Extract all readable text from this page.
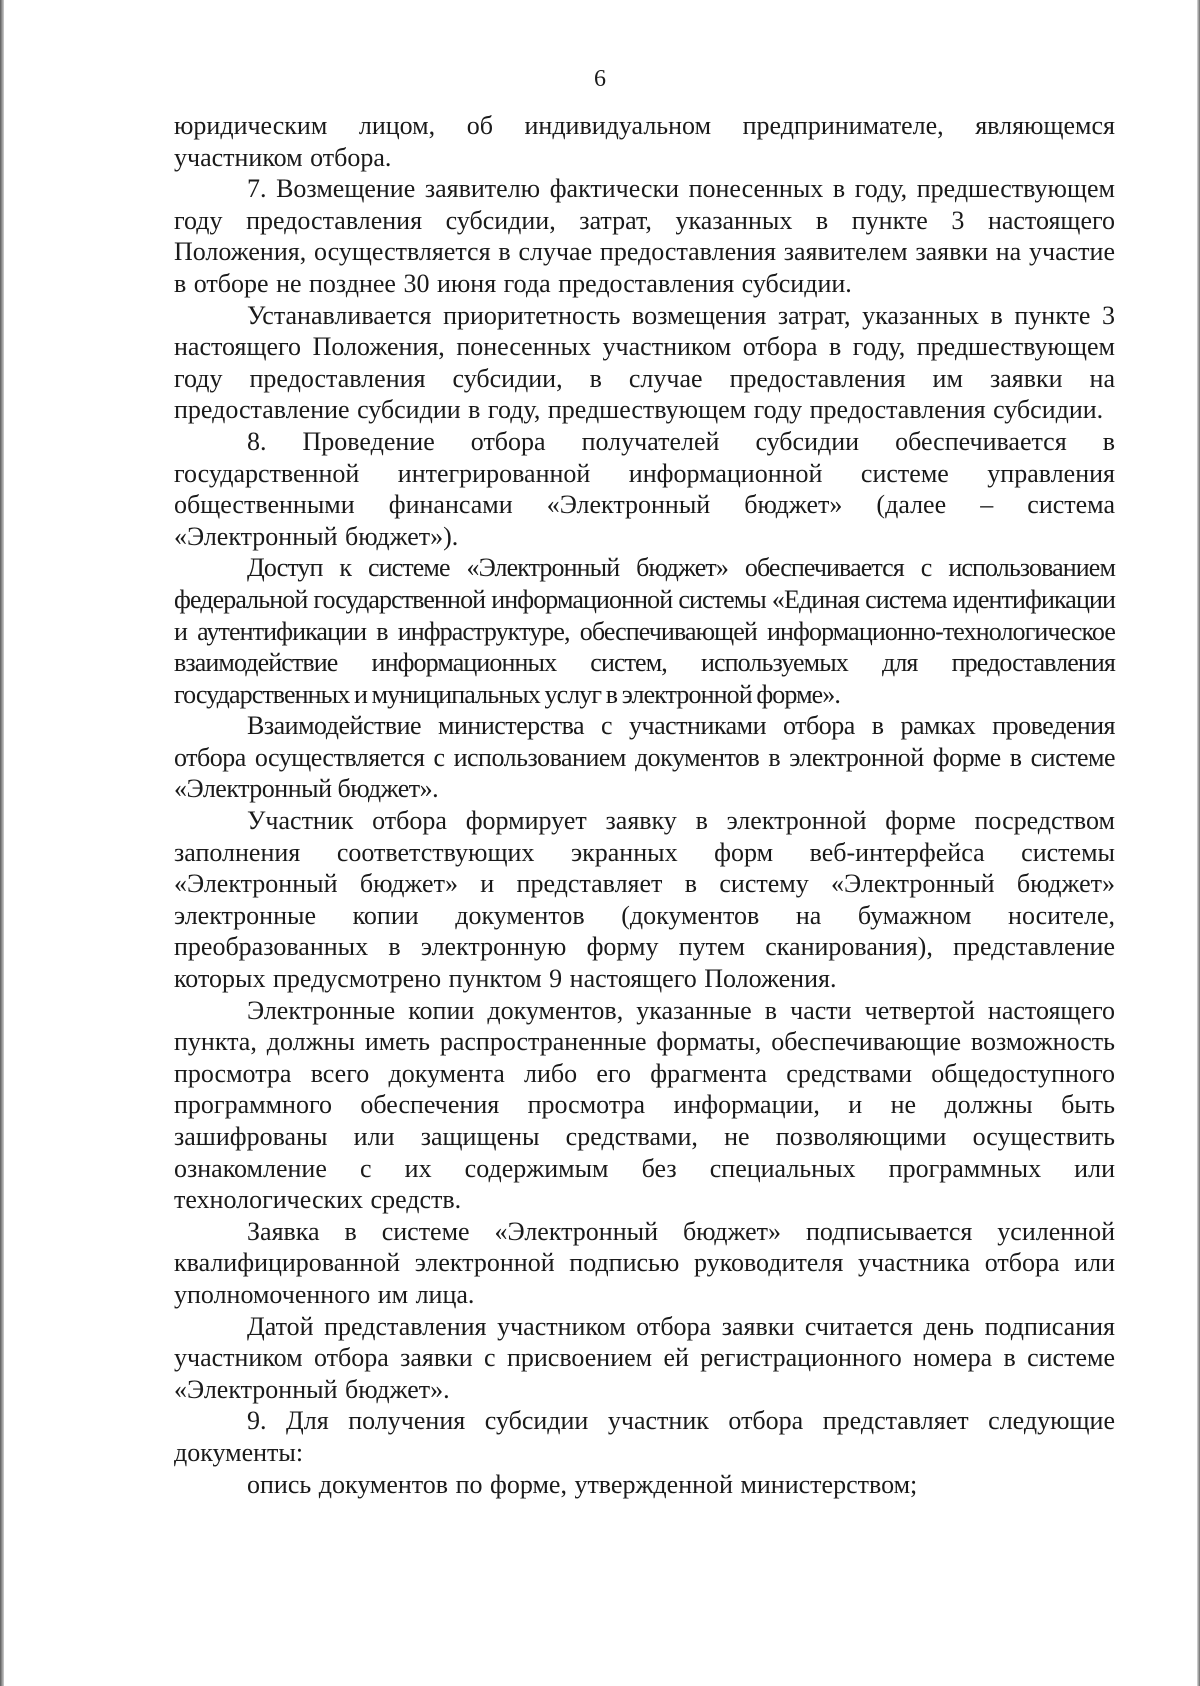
6

юридическим лицом, об индивидуальном предпринимателе, являющемся участником отбора.

7. Возмещение заявителю фактически понесенных в году, предшествующем году предоставления субсидии, затрат, указанных в пункте 3 настоящего Положения, осуществляется в случае предоставления заявителем заявки на участие в отборе не позднее 30 июня года предоставления субсидии.

Устанавливается приоритетность возмещения затрат, указанных в пункте 3 настоящего Положения, понесенных участником отбора в году, предшествующем году предоставления субсидии, в случае предоставления им заявки на предоставление субсидии в году, предшествующем году предоставления субсидии.

8. Проведение отбора получателей субсидии обеспечивается в государственной интегрированной информационной системе управления общественными финансами «Электронный бюджет» (далее – система «Электронный бюджет»).

Доступ к системе «Электронный бюджет» обеспечивается с использованием федеральной государственной информационной системы «Единая система идентификации и аутентификации в инфраструктуре, обеспечивающей информационно-технологическое взаимодействие информационных систем, используемых для предоставления государственных и муниципальных услуг в электронной форме».

Взаимодействие министерства с участниками отбора в рамках проведения отбора осуществляется с использованием документов в электронной форме в системе «Электронный бюджет».

Участник отбора формирует заявку в электронной форме посредством заполнения соответствующих экранных форм веб-интерфейса системы «Электронный бюджет» и представляет в систему «Электронный бюджет» электронные копии документов (документов на бумажном носителе, преобразованных в электронную форму путем сканирования), представление которых предусмотрено пунктом 9 настоящего Положения.

Электронные копии документов, указанные в части четвертой настоящего пункта, должны иметь распространенные форматы, обеспечивающие возможность просмотра всего документа либо его фрагмента средствами общедоступного программного обеспечения просмотра информации, и не должны быть зашифрованы или защищены средствами, не позволяющими осуществить ознакомление с их содержимым без специальных программных или технологических средств.

Заявка в системе «Электронный бюджет» подписывается усиленной квалифицированной электронной подписью руководителя участника отбора или уполномоченного им лица.

Датой представления участником отбора заявки считается день подписания участником отбора заявки с присвоением ей регистрационного номера в системе «Электронный бюджет».

9. Для получения субсидии участник отбора представляет следующие документы:

опись документов по форме, утвержденной министерством;
